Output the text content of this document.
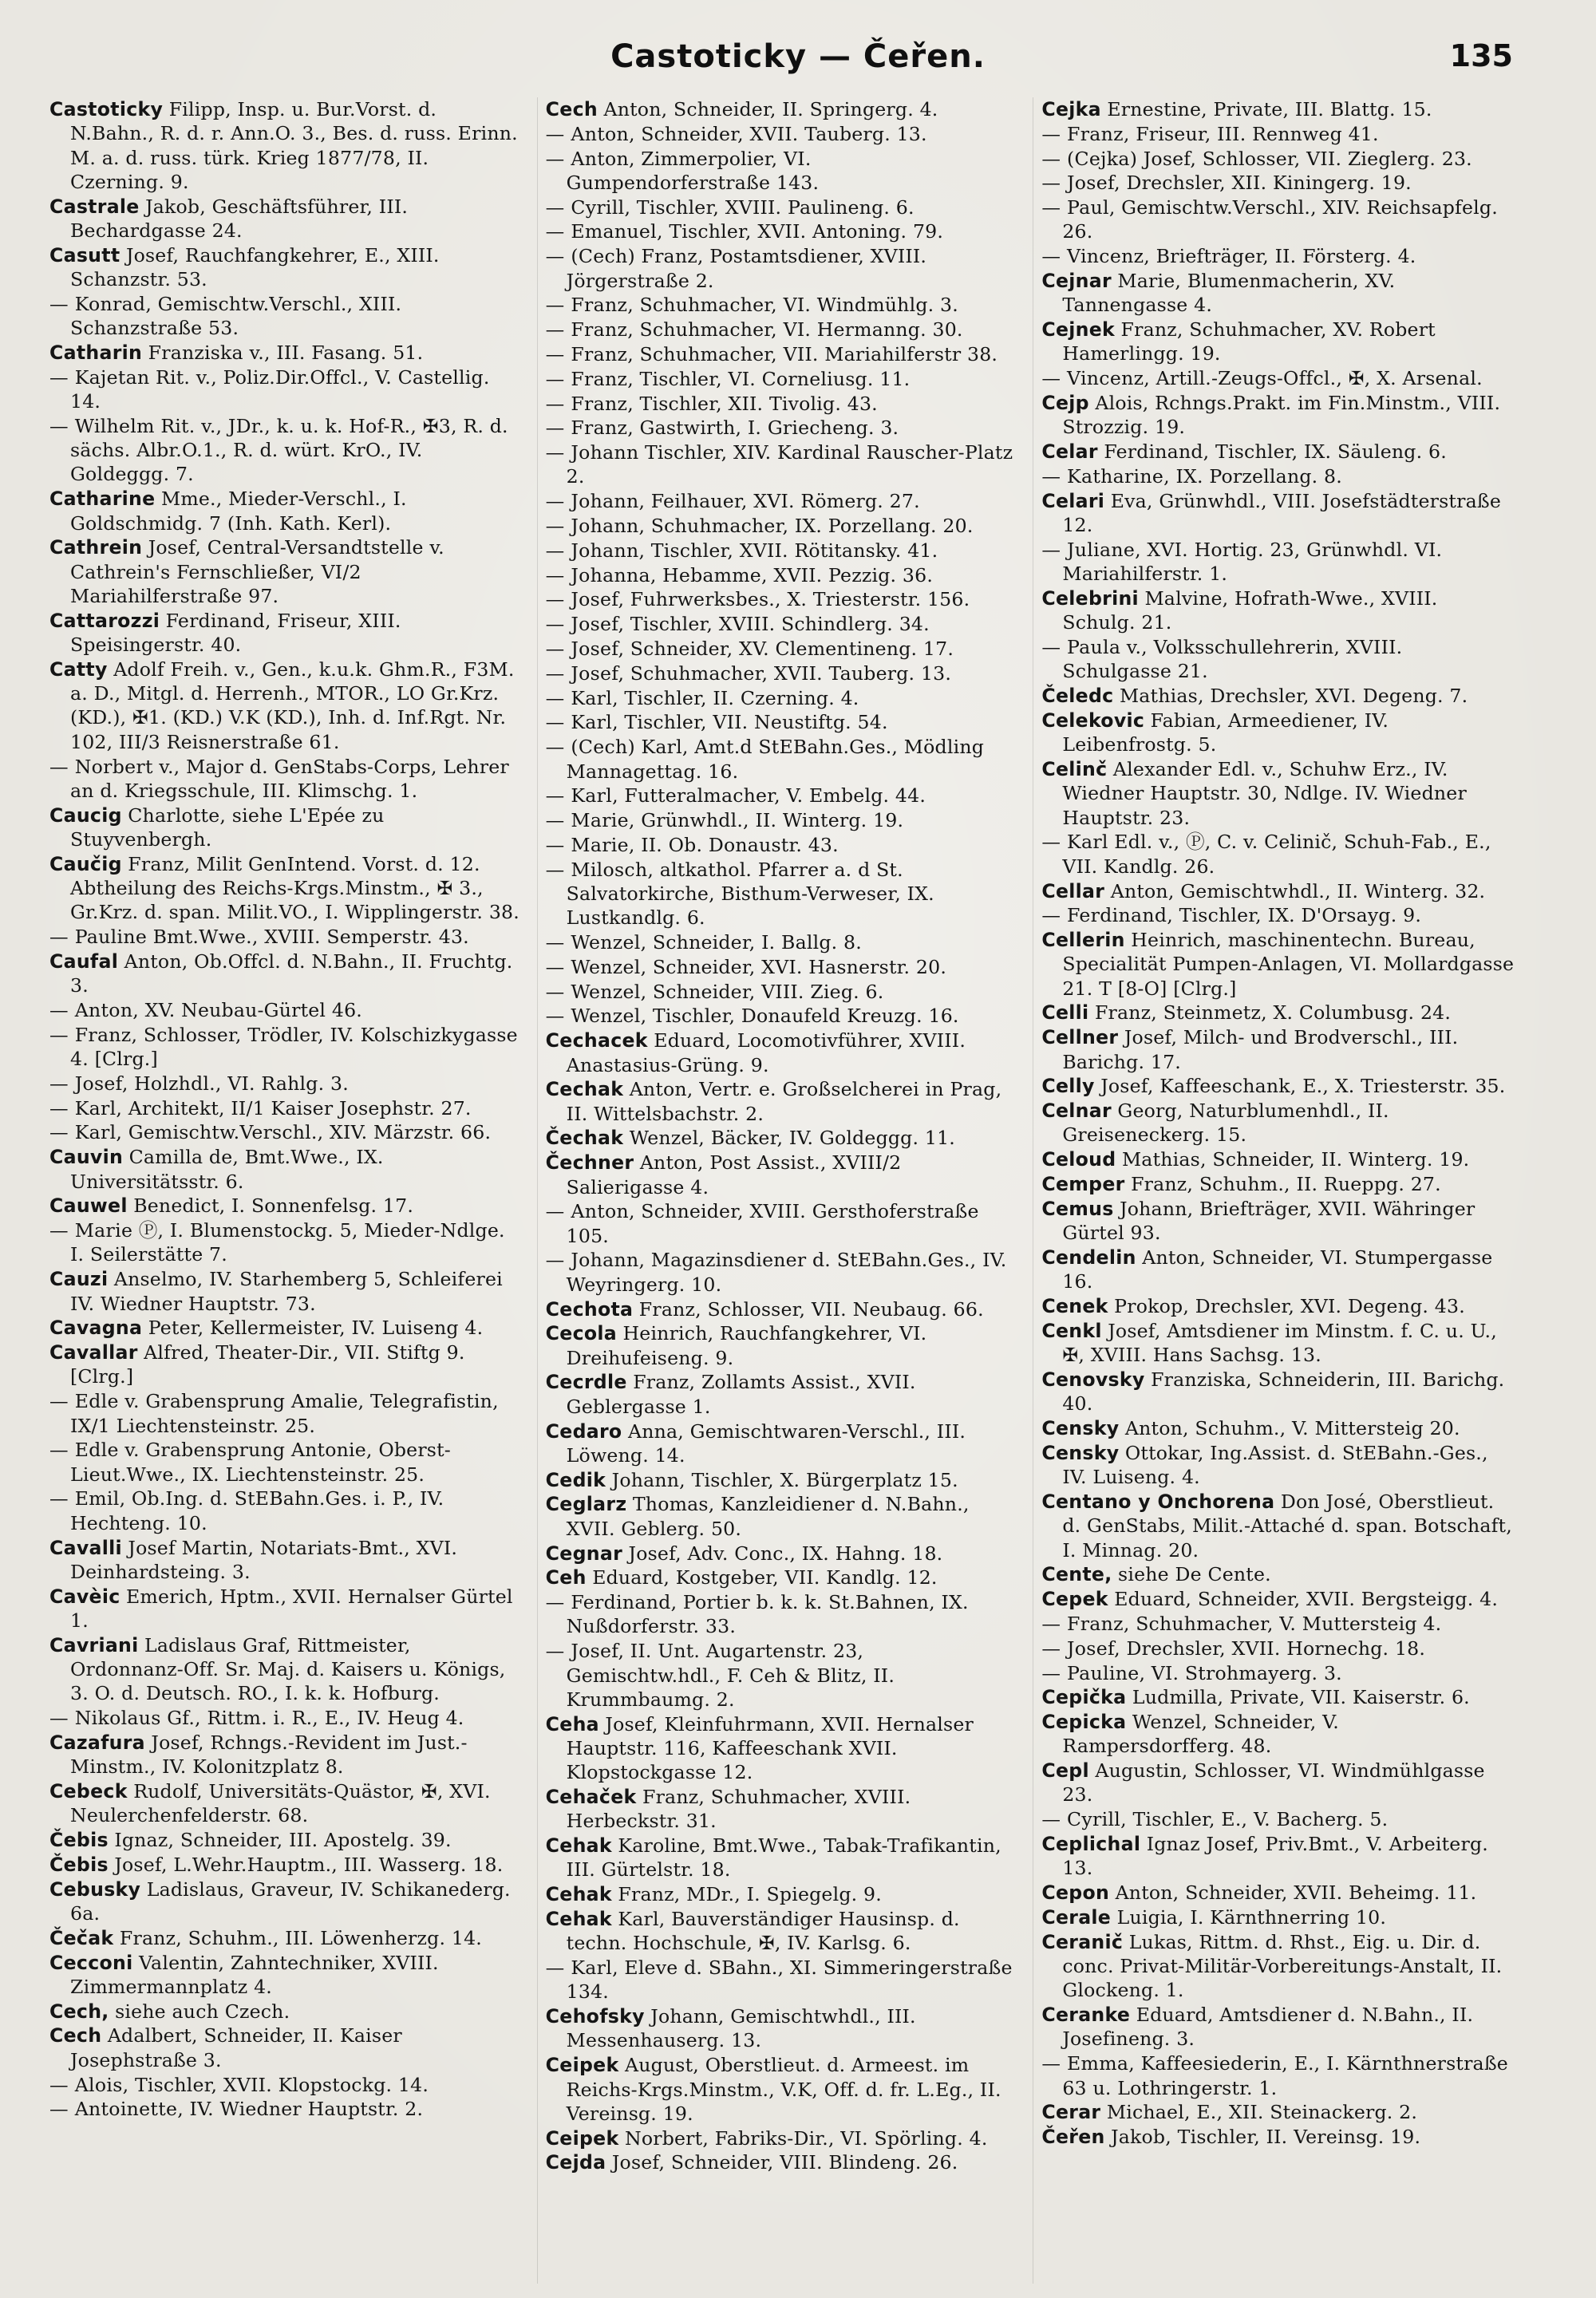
Castoticky — Čeřen.	135
Castoticky Filipp, Insp. u. Bur.Vorst. d. N.Bahn., R. d. r. Ann.O. 3., Bes. d. russ. Erinn. M. a. d. russ. türk. Krieg 1877/78, II. Czerning. 9.
Castrale Jakob, Geschäftsführer, III. Bechardgasse 24.
Casutt Josef, Rauchfangkehrer, E., XIII. Schanzstr. 53.
— Konrad, Gemischtw.Verschl., XIII. Schanzstraße 53.
Catharin Franziska v., III. Fasang. 51.
— Kajetan Rit. v., Poliz.Dir.Offcl., V. Castellig. 14.
— Wilhelm Rit. v., JDr., k. u. k. Hof-R., ✠3, R. d. sächs. Albr.O.1., R. d. würt. KrO., IV. Goldeggg. 7.
Catharine Mme., Mieder-Verschl., I. Goldschmidg. 7 (Inh. Kath. Kerl).
Cathrein Josef, Central-Versandtstelle v. Cathrein's Fernschließer, VI/2 Mariahilferstraße 97.
Cattarozzi Ferdinand, Friseur, XIII. Speisingerstr. 40.
Catty Adolf Freih. v., Gen., k.u.k. Ghm.R., F3M. a. D., Mitgl. d. Herrenh., MTOR., LO Gr.Krz. (KD.), ✠1. (KD.) V.K (KD.), Inh. d. Inf.Rgt. Nr. 102, III/3 Reisnerstraße 61.
— Norbert v., Major d. GenStabs-Corps, Lehrer an d. Kriegsschule, III. Klimschg. 1.
Caucig Charlotte, siehe L'Epée zu Stuyvenbergh.
Caučig Franz, Milit GenIntend. Vorst. d. 12. Abtheilung des Reichs-Krgs.Minstm., ✠ 3., Gr.Krz. d. span. Milit.VO., I. Wipplingerstr. 38.
— Pauline Bmt.Wwe., XVIII. Semperstr. 43.
Caufal Anton, Ob.Offcl. d. N.Bahn., II. Fruchtg. 3.
— Anton, XV. Neubau-Gürtel 46.
— Franz, Schlosser, Trödler, IV. Kolschizkygasse 4. [Clrg.]
— Josef, Holzhdl., VI. Rahlg. 3.
— Karl, Architekt, II/1 Kaiser Josephstr. 27.
— Karl, Gemischtw.Verschl., XIV. Märzstr. 66.
Cauvin Camilla de, Bmt.Wwe., IX. Universitätsstr. 6.
Cauwel Benedict, I. Sonnenfelsg. 17.
— Marie Ⓟ, I. Blumenstockg. 5, Mieder-Ndlge. I. Seilerstätte 7.
Cauzi Anselmo, IV. Starhemberg 5, Schleiferei IV. Wiedner Hauptstr. 73.
Cavagna Peter, Kellermeister, IV. Luiseng 4.
Cavallar Alfred, Theater-Dir., VII. Stiftg 9. [Clrg.]
— Edle v. Grabensprung Amalie, Telegrafistin, IX/1 Liechtensteinstr. 25.
— Edle v. Grabensprung Antonie, Oberst-Lieut.Wwe., IX. Liechtensteinstr. 25.
— Emil, Ob.Ing. d. StEBahn.Ges. i. P., IV. Hechteng. 10.
Cavalli Josef Martin, Notariats-Bmt., XVI. Deinhardsteing. 3.
Cavèic Emerich, Hptm., XVII. Hernalser Gürtel 1.
Cavriani Ladislaus Graf, Rittmeister, Ordonnanz-Off. Sr. Maj. d. Kaisers u. Königs, 3. O. d. Deutsch. RO., I. k. k. Hofburg.
— Nikolaus Gf., Rittm. i. R., E., IV. Heug 4.
Cazafura Josef, Rchngs.-Revident im Just.-Minstm., IV. Kolonitzplatz 8.
Cebeck Rudolf, Universitäts-Quästor, ✠, XVI. Neulerchenfelderstr. 68.
Čebis Ignaz, Schneider, III. Apostelg. 39.
Čebis Josef, L.Wehr.Hauptm., III. Wasserg. 18.
Cebusky Ladislaus, Graveur, IV. Schikanederg. 6a.
Čečak Franz, Schuhm., III. Löwenherzg. 14.
Cecconi Valentin, Zahntechniker, XVIII. Zimmermannplatz 4.
Cech, siehe auch Czech.
Cech Adalbert, Schneider, II. Kaiser Josephstraße 3.
— Alois, Tischler, XVII. Klopstockg. 14.
— Antoinette, IV. Wiedner Hauptstr. 2.
Cech Anton, Schneider, II. Springerg. 4.
— Anton, Schneider, XVII. Tauberg. 13.
— Anton, Zimmerpolier, VI. Gumpendorferstraße 143.
— Cyrill, Tischler, XVIII. Paulineng. 6.
— Emanuel, Tischler, XVII. Antoning. 79.
— (Cech) Franz, Postamtsdiener, XVIII. Jörgerstraße 2.
— Franz, Schuhmacher, VI. Windmühlg. 3.
— Franz, Schuhmacher, VI. Hermanng. 30.
— Franz, Schuhmacher, VII. Mariahilferstr 38.
— Franz, Tischler, VI. Corneliusg. 11.
— Franz, Tischler, XII. Tivolig. 43.
— Franz, Gastwirth, I. Griecheng. 3.
— Johann Tischler, XIV. Kardinal Rauscher-Platz 2.
— Johann, Feilhauer, XVI. Römerg. 27.
— Johann, Schuhmacher, IX. Porzellang. 20.
— Johann, Tischler, XVII. Rötitansky. 41.
— Johanna, Hebamme, XVII. Pezzig. 36.
— Josef, Fuhrwerksbes., X. Triesterstr. 156.
— Josef, Tischler, XVIII. Schindlerg. 34.
— Josef, Schneider, XV. Clementineng. 17.
— Josef, Schuhmacher, XVII. Tauberg. 13.
— Karl, Tischler, II. Czerning. 4.
— Karl, Tischler, VII. Neustiftg. 54.
— (Cech) Karl, Amt.d StEBahn.Ges., Mödling Mannagettag. 16.
— Karl, Futteralmacher, V. Embelg. 44.
— Marie, Grünwhdl., II. Winterg. 19.
— Marie, II. Ob. Donaustr. 43.
— Milosch, altkathol. Pfarrer a. d St. Salvatorkirche, Bisthum-Verweser, IX. Lustkandlg. 6.
— Wenzel, Schneider, I. Ballg. 8.
— Wenzel, Schneider, XVI. Hasnerstr. 20.
— Wenzel, Schneider, VIII. Zieg. 6.
— Wenzel, Tischler, Donaufeld Kreuzg. 16.
Cechacek Eduard, Locomotivführer, XVIII. Anastasius-Grüng. 9.
Cechak Anton, Vertr. e. Großselcherei in Prag, II. Wittelsbachstr. 2.
Čechak Wenzel, Bäcker, IV. Goldeggg. 11.
Čechner Anton, Post Assist., XVIII/2 Salierigasse 4.
— Anton, Schneider, XVIII. Gersthoferstraße 105.
— Johann, Magazinsdiener d. StEBahn.Ges., IV. Weyringerg. 10.
Cechota Franz, Schlosser, VII. Neubaug. 66.
Cecola Heinrich, Rauchfangkehrer, VI. Dreihufeiseng. 9.
Cecrdle Franz, Zollamts Assist., XVII. Geblergasse 1.
Cedaro Anna, Gemischtwaren-Verschl., III. Löweng. 14.
Cedik Johann, Tischler, X. Bürgerplatz 15.
Ceglarz Thomas, Kanzleidiener d. N.Bahn., XVII. Geblerg. 50.
Cegnar Josef, Adv. Conc., IX. Hahng. 18.
Ceh Eduard, Kostgeber, VII. Kandlg. 12.
— Ferdinand, Portier b. k. k. St.Bahnen, IX. Nußdorferstr. 33.
— Josef, II. Unt. Augartenstr. 23, Gemischtw.hdl., F. Ceh & Blitz, II. Krummbaumg. 2.
Ceha Josef, Kleinfuhrmann, XVII. Hernalser Hauptstr. 116, Kaffeeschank XVII. Klopstockgasse 12.
Cehaček Franz, Schuhmacher, XVIII. Herbeckstr. 31.
Cehak Karoline, Bmt.Wwe., Tabak-Trafikantin, III. Gürtelstr. 18.
Cehak Franz, MDr., I. Spiegelg. 9.
Cehak Karl, Bauverständiger Hausinsp. d. techn. Hochschule, ✠, IV. Karlsg. 6.
— Karl, Eleve d. SBahn., XI. Simmeringerstraße 134.
Cehofsky Johann, Gemischtwhdl., III. Messenhauserg. 13.
Ceipek August, Oberstlieut. d. Armeest. im Reichs-Krgs.Minstm., V.K, Off. d. fr. L.Eg., II. Vereinsg. 19.
Ceipek Norbert, Fabriks-Dir., VI. Spörling. 4.
Cejda Josef, Schneider, VIII. Blindeng. 26.
Cejka Ernestine, Private, III. Blattg. 15.
— Franz, Friseur, III. Rennweg 41.
— (Cejka) Josef, Schlosser, VII. Zieglerg. 23.
— Josef, Drechsler, XII. Kiningerg. 19.
— Paul, Gemischtw.Verschl., XIV. Reichsapfelg. 26.
— Vincenz, Briefträger, II. Försterg. 4.
Cejnar Marie, Blumenmacherin, XV. Tannengasse 4.
Cejnek Franz, Schuhmacher, XV. Robert Hamerlingg. 19.
— Vincenz, Artill.-Zeugs-Offcl., ✠, X. Arsenal.
Cejp Alois, Rchngs.Prakt. im Fin.Minstm., VIII. Strozzig. 19.
Celar Ferdinand, Tischler, IX. Säuleng. 6.
— Katharine, IX. Porzellang. 8.
Celari Eva, Grünwhdl., VIII. Josefstädterstraße 12.
— Juliane, XVI. Hortig. 23, Grünwhdl. VI. Mariahilferstr. 1.
Celebrini Malvine, Hofrath-Wwe., XVIII. Schulg. 21.
— Paula v., Volksschullehrerin, XVIII. Schulgasse 21.
Čeledc Mathias, Drechsler, XVI. Degeng. 7.
Celekovic Fabian, Armeediener, IV. Leibenfrostg. 5.
Celinč Alexander Edl. v., Schuhw Erz., IV. Wiedner Hauptstr. 30, Ndlge. IV. Wiedner Hauptstr. 23.
— Karl Edl. v., Ⓟ, C. v. Celinič, Schuh-Fab., E., VII. Kandlg. 26.
Cellar Anton, Gemischtwhdl., II. Winterg. 32.
— Ferdinand, Tischler, IX. D'Orsayg. 9.
Cellerin Heinrich, maschinentechn. Bureau, Specialität Pumpen-Anlagen, VI. Mollardgasse 21. T [8-O] [Clrg.]
Celli Franz, Steinmetz, X. Columbusg. 24.
Cellner Josef, Milch- und Brodverschl., III. Barichg. 17.
Celly Josef, Kaffeeschank, E., X. Triesterstr. 35.
Celnar Georg, Naturblumenhdl., II. Greiseneckerg. 15.
Celoud Mathias, Schneider, II. Winterg. 19.
Cemper Franz, Schuhm., II. Rueppg. 27.
Cemus Johann, Briefträger, XVII. Währinger Gürtel 93.
Cendelin Anton, Schneider, VI. Stumpergasse 16.
Cenek Prokop, Drechsler, XVI. Degeng. 43.
Cenkl Josef, Amtsdiener im Minstm. f. C. u. U., ✠, XVIII. Hans Sachsg. 13.
Cenovsky Franziska, Schneiderin, III. Barichg. 40.
Censky Anton, Schuhm., V. Mittersteig 20.
Censky Ottokar, Ing.Assist. d. StEBahn.-Ges., IV. Luiseng. 4.
Centano y Onchorena Don José, Oberstlieut. d. GenStabs, Milit.-Attaché d. span. Botschaft, I. Minnag. 20.
Cente, siehe De Cente.
Cepek Eduard, Schneider, XVII. Bergsteigg. 4.
— Franz, Schuhmacher, V. Muttersteig 4.
— Josef, Drechsler, XVII. Hornechg. 18.
— Pauline, VI. Strohmayerg. 3.
Cepička Ludmilla, Private, VII. Kaiserstr. 6.
Cepicka Wenzel, Schneider, V. Rampersdorfferg. 48.
Cepl Augustin, Schlosser, VI. Windmühlgasse 23.
— Cyrill, Tischler, E., V. Bacherg. 5.
Ceplichal Ignaz Josef, Priv.Bmt., V. Arbeiterg. 13.
Cepon Anton, Schneider, XVII. Beheimg. 11.
Cerale Luigia, I. Kärnthnerring 10.
Ceranič Lukas, Rittm. d. Rhst., Eig. u. Dir. d. conc. Privat-Militär-Vorbereitungs-Anstalt, II. Glockeng. 1.
Ceranke Eduard, Amtsdiener d. N.Bahn., II. Josefineng. 3.
— Emma, Kaffeesiederin, E., I. Kärnthnerstraße 63 u. Lothringerstr. 1.
Cerar Michael, E., XII. Steinackerg. 2.
Čeřen Jakob, Tischler, II. Vereinsg. 19.
